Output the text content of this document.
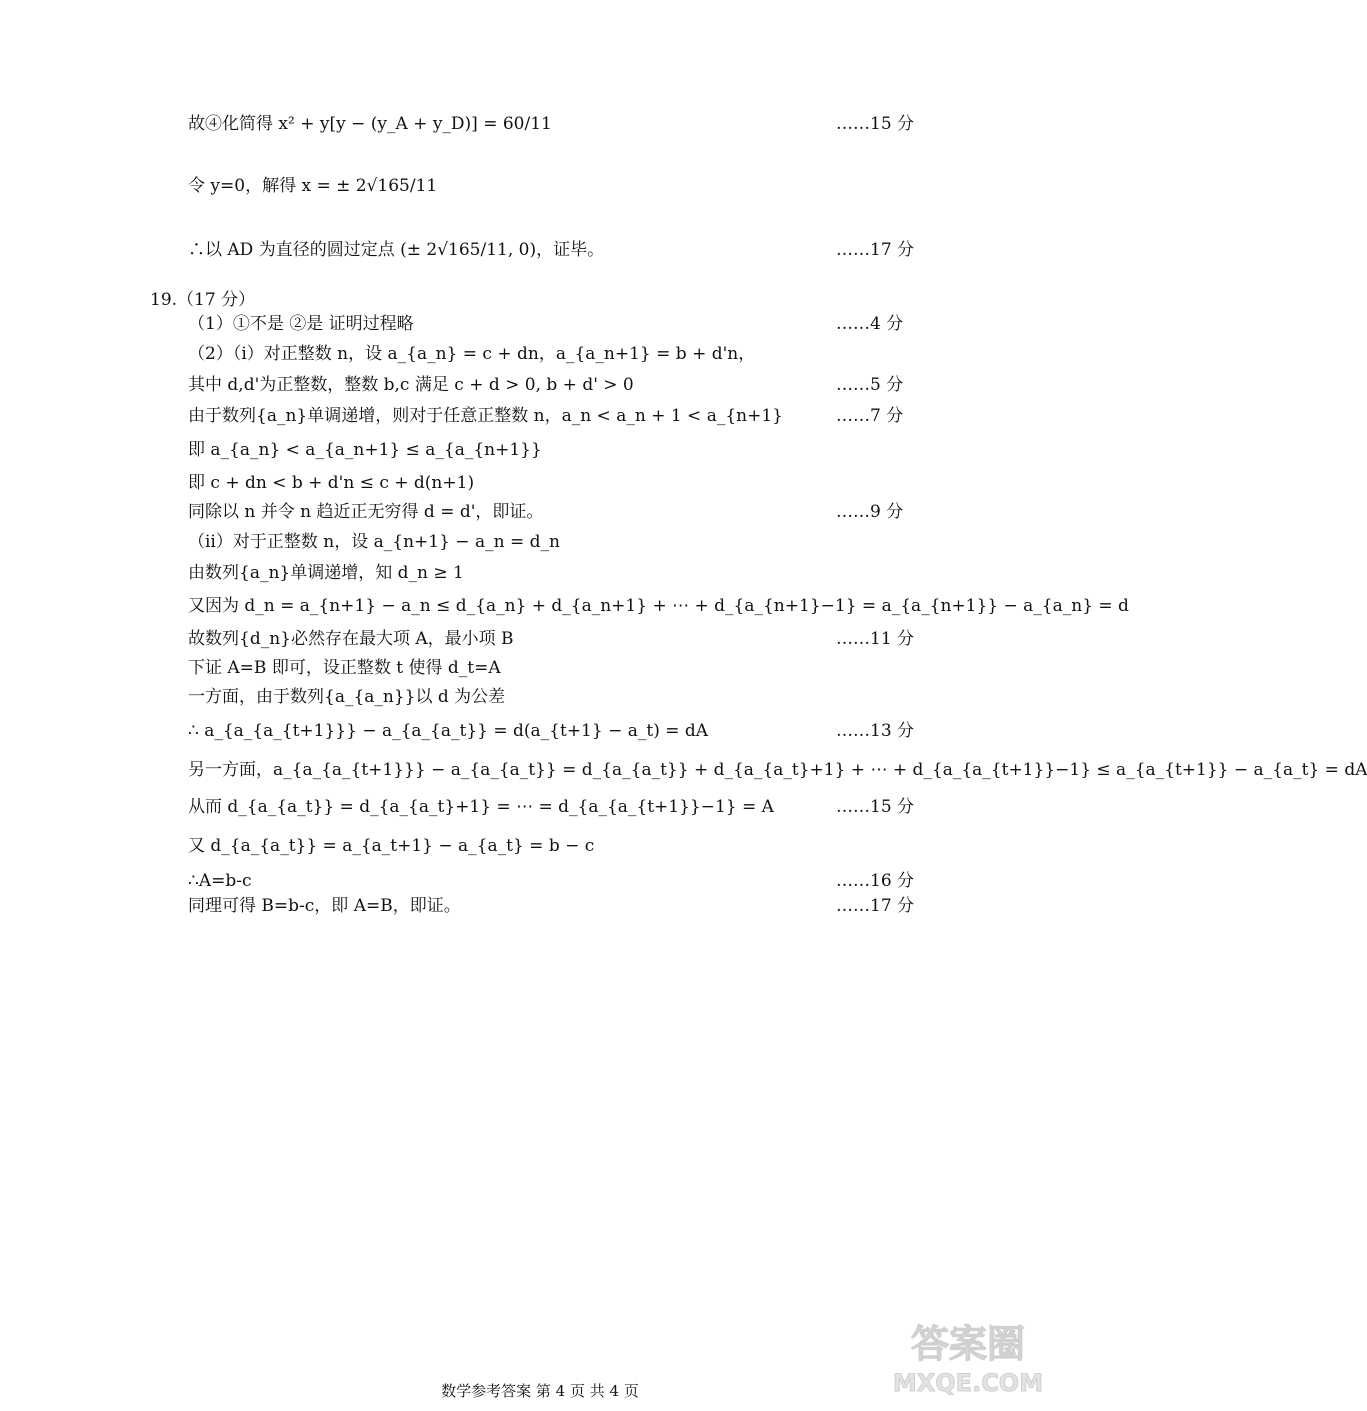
故④化简得 x² + y[y − (y_A + y_D)] = 60/11	……15 分
令 y=0，解得 x = ± 2√165/11
∴以 AD 为直径的圆过定点 (± 2√165/11, 0)，证毕。	……17 分
19.（17 分）
（1）①不是 ②是 证明过程略	……4 分
（2）（i）对正整数 n，设 a_{a_n} = c + dn，a_{a_n+1} = b + d'n，
其中 d,d'为正整数，整数 b,c 满足 c + d > 0, b + d' > 0	……5 分
由于数列{a_n}单调递增，则对于任意正整数 n，a_n < a_n + 1 < a_{n+1}	……7 分
即 a_{a_n} < a_{a_n+1} ≤ a_{a_{n+1}}
即 c + dn < b + d'n ≤ c + d(n+1)
同除以 n 并令 n 趋近正无穷得 d = d'，即证。	……9 分
（ii）对于正整数 n，设 a_{n+1} − a_n = d_n
由数列{a_n}单调递增，知 d_n ≥ 1
又因为 d_n = a_{n+1} − a_n ≤ d_{a_n} + d_{a_n+1} + ⋯ + d_{a_{n+1}−1} = a_{a_{n+1}} − a_{a_n} = d
故数列{d_n}必然存在最大项 A，最小项 B	……11 分
下证 A=B 即可，设正整数 t 使得 d_t=A
一方面，由于数列{a_{a_n}}以 d 为公差
∴ a_{a_{a_{t+1}}} − a_{a_{a_t}} = d(a_{t+1} − a_t) = dA	……13 分
另一方面，a_{a_{a_{t+1}}} − a_{a_{a_t}} = d_{a_{a_t}} + d_{a_{a_t}+1} + ⋯ + d_{a_{a_{t+1}}−1} ≤ a_{a_{t+1}} − a_{a_t} = dA
从而 d_{a_{a_t}} = d_{a_{a_t}+1} = ⋯ = d_{a_{a_{t+1}}−1} = A	……15 分
又 d_{a_{a_t}} = a_{a_t+1} − a_{a_t} = b − c
∴A=b-c	……16 分
同理可得 B=b-c，即 A=B，即证。	……17 分
答案圈
MXQE.COM
数学参考答案 第 4 页 共 4 页
